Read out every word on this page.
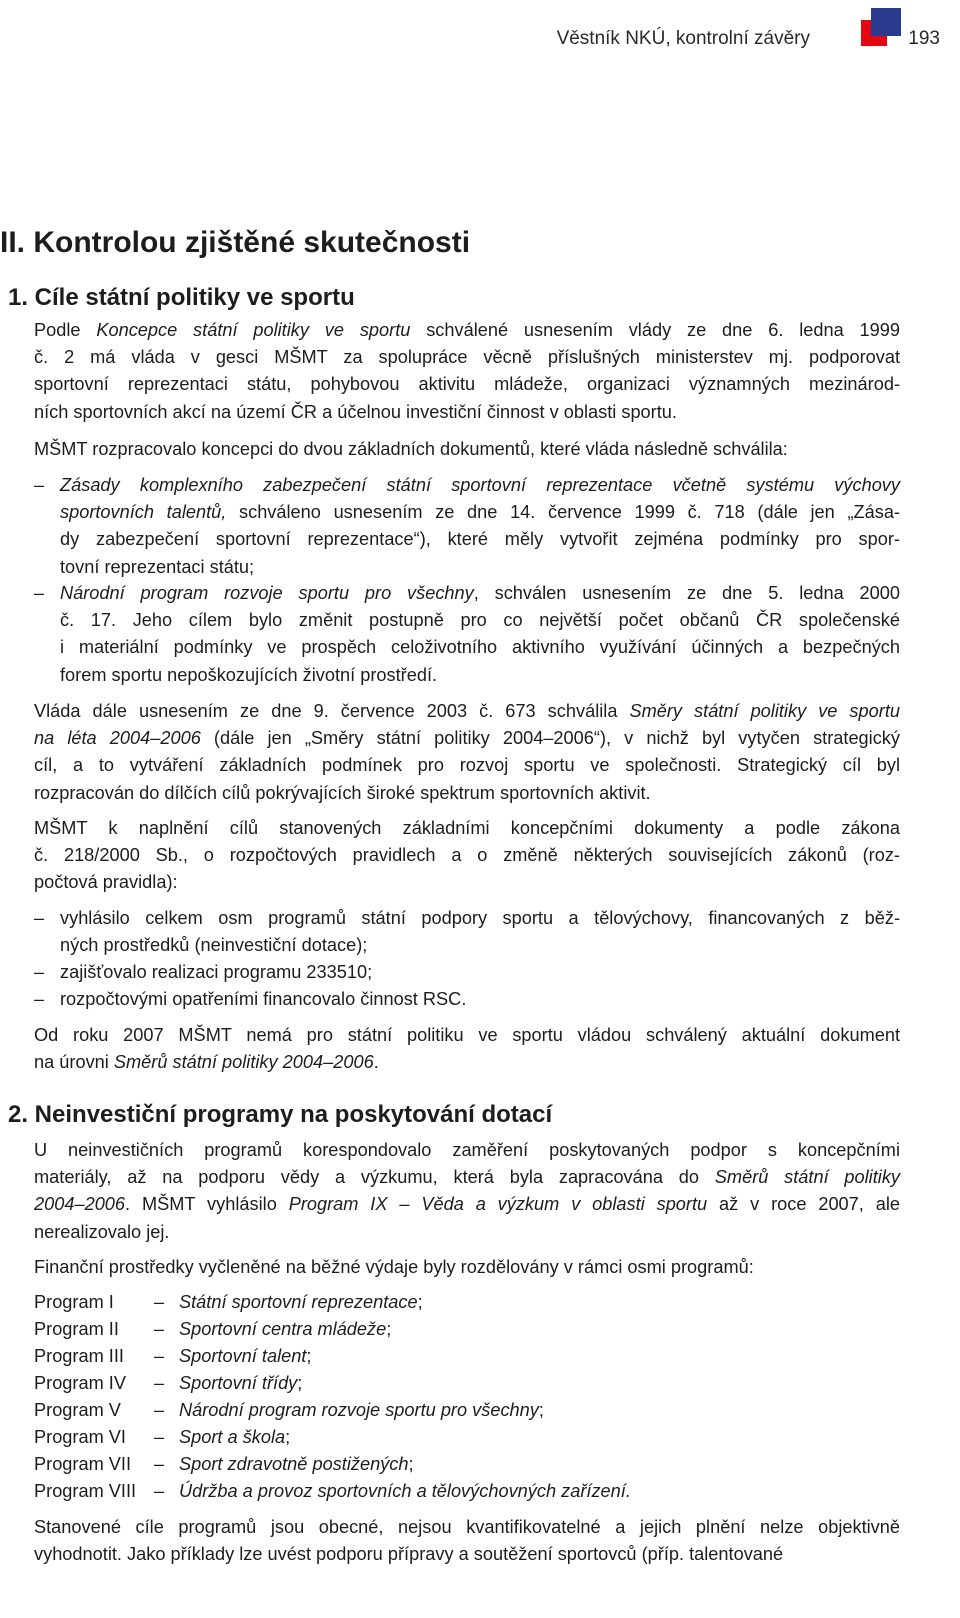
Věstník NKÚ, kontrolní závěry	193
II. Kontrolou zjištěné skutečnosti
1. Cíle státní politiky ve sportu
Podle Koncepce státní politiky ve sportu schválené usnesením vlády ze dne 6. ledna 1999
č. 2 má vláda v gesci MŠMT za spolupráce věcně příslušných ministerstev mj. podporovat
sportovní reprezentaci státu, pohybovou aktivitu mládeže, organizaci významných mezinárod-
ních sportovních akcí na území ČR a účelnou investiční činnost v oblasti sportu.
MŠMT rozpracovalo koncepci do dvou základních dokumentů, které vláda následně schválila:
– Zásady komplexního zabezpečení státní sportovní reprezentace včetně systému výchovy
sportovních talentů, schváleno usnesením ze dne 14. července 1999 č. 718 (dále jen „Zása-
dy zabezpečení sportovní reprezentace“), které měly vytvořit zejména podmínky pro spor-
tovní reprezentaci státu;
– Národní program rozvoje sportu pro všechny, schválen usnesením ze dne 5. ledna 2000
č. 17. Jeho cílem bylo změnit postupně pro co největší počet občanů ČR společenské
i materiální podmínky ve prospěch celoživotního aktivního využívání účinných a bezpečných
forem sportu nepoškozujících životní prostředí.
Vláda dále usnesením ze dne 9. července 2003 č. 673 schválila Směry státní politiky ve sportu
na léta 2004–2006 (dále jen „Směry státní politiky 2004–2006“), v nichž byl vytyčen strategický
cíl, a to vytváření základních podmínek pro rozvoj sportu ve společnosti. Strategický cíl byl
rozpracován do dílčích cílů pokrývajících široké spektrum sportovních aktivit.
MŠMT k naplnění cílů stanovených základními koncepčními dokumenty a podle zákona
č. 218/2000 Sb., o rozpočtových pravidlech a o změně některých souvisejících zákonů (roz-
počtová pravidla):
– vyhlásilo celkem osm programů státní podpory sportu a tělovýchovy, financovaných z běž-
ných prostředků (neinvestiční dotace);
– zajišťovalo realizaci programu 233510;
– rozpočtovými opatřeními financovalo činnost RSC.
Od roku 2007 MŠMT nemá pro státní politiku ve sportu vládou schválený aktuální dokument
na úrovni Směrů státní politiky 2004–2006.
2. Neinvestiční programy na poskytování dotací
U neinvestičních programů korespondovalo zaměření poskytovaných podpor s koncepčními
materiály, až na podporu vědy a výzkumu, která byla zapracována do Směrů státní politiky
2004–2006. MŠMT vyhlásilo Program IX – Věda a výzkum v oblasti sportu až v roce 2007, ale
nerealizovalo jej.
Finanční prostředky vyčleněné na běžné výdaje byly rozdělovány v rámci osmi programů:
Program I	– Státní sportovní reprezentace;
Program II	– Sportovní centra mládeže;
Program III	– Sportovní talent;
Program IV	– Sportovní třídy;
Program V	– Národní program rozvoje sportu pro všechny;
Program VI	– Sport a škola;
Program VII	– Sport zdravotně postižených;
Program VIII – Údržba a provoz sportovních a tělovýchovných zařízení.
Stanovené cíle programů jsou obecné, nejsou kvantifikovatelné a jejich plnění nelze objektivně
vyhodnotit. Jako příklady lze uvést podporu přípravy a soutěžení sportovců (příp. talentované
